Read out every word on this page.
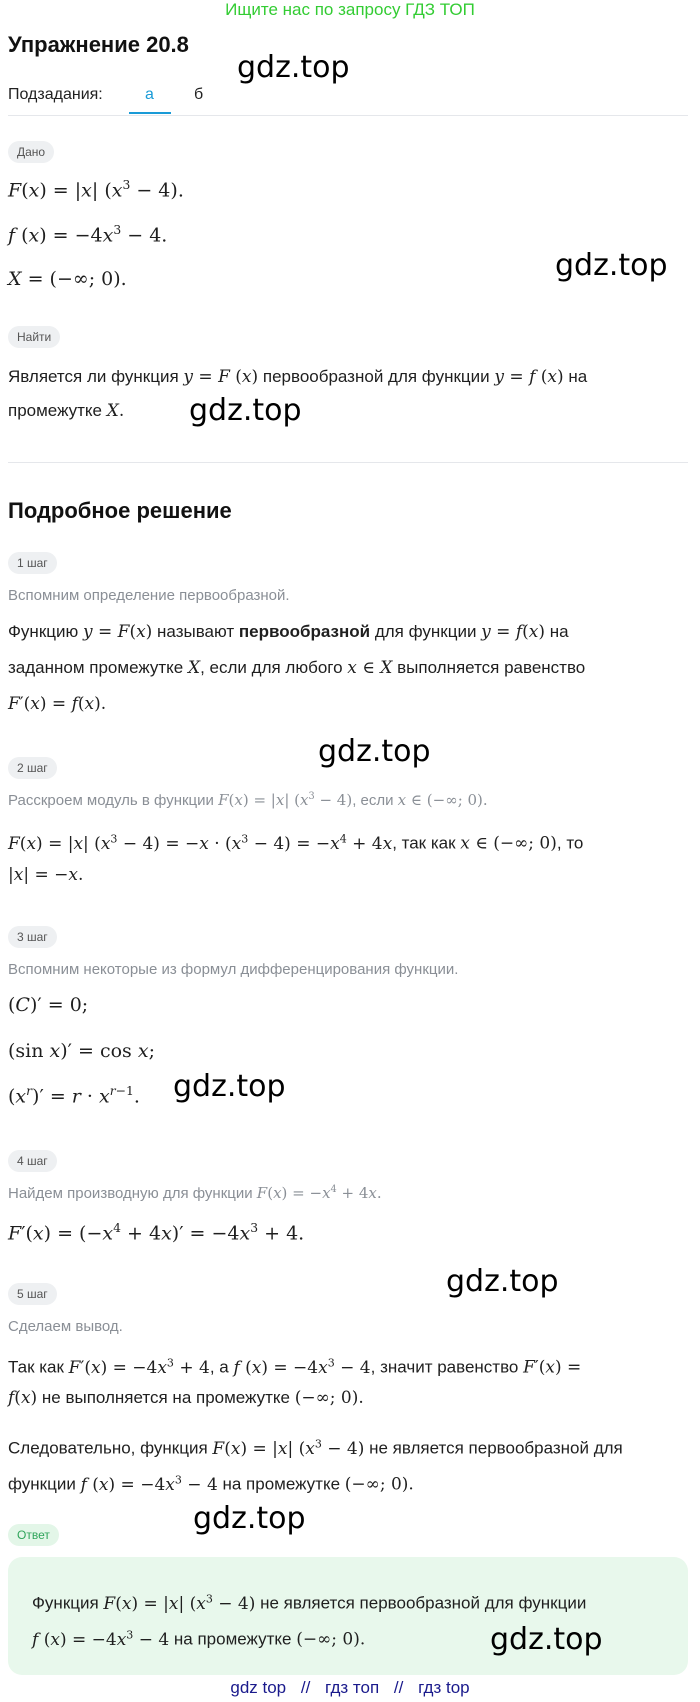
Ищите нас по запросу ГДЗ ТОП
Упражнение 20.8
gdz.top
Подзадания:	а	б
Дано
F(x) = |x| $(x^3 - 4)$.
f $(x) = -4x^3 - 4$.
X = (−∞; 0).	gdz.top
Найти
Является ли функция y = F (x) первообразной для функции y = f (x) на
промежутке X. gdz.top
Подробное решение
1 шаг
Вспомним определение первообразной.
Функцию y = F(x) называют первообразной для функции y = f(x) на
заданном промежутке X, если для любого x ∈ X выполняется равенство
F′(x) = f(x).
gdz.top
2 шаг
Расскроем модуль в функции F(x) = |x| $(x^3 - 4)$, если x ∈ (−∞; 0).
F(x) = |x| $(x^3 - 4) = -x \cdot (x^3 - 4) = -x^4 + 4x$, так как x ∈ (−∞; 0), то
|x| = −x.
3 шаг
Вспомним некоторые из формул дифференцирования функции.
(C)′ = 0;
(sin x)′ = cos x;
$(x^r)' = r \cdot x^{r-1}$. gdz.top
4 шаг
Найдем производную для функции $F(x) = -x^4 + 4x$.
$F'(x) = (-x^4 + 4x)' = -4x^3 + 4$.
gdz.top
5 шаг
Сделаем вывод.
Так как $F'(x) = -4x^3 + 4$, а f $(x) = -4x^3 - 4$, значит равенство F′(x) =
f(x) не выполняется на промежутке (−∞; 0).
Следовательно, функция F(x) = |x| $(x^3 - 4)$ не является первообразной для
функции f $(x) = -4x^3 - 4$ на промежутке (−∞; 0).
gdz.top
Ответ
Функция F(x) = |x| $(x^3 - 4)$ не является первообразной для функции
f $(x) = -4x^3 - 4$ на промежутке (−∞; 0).	gdz.top
gdz top // гдз топ // гдз top
